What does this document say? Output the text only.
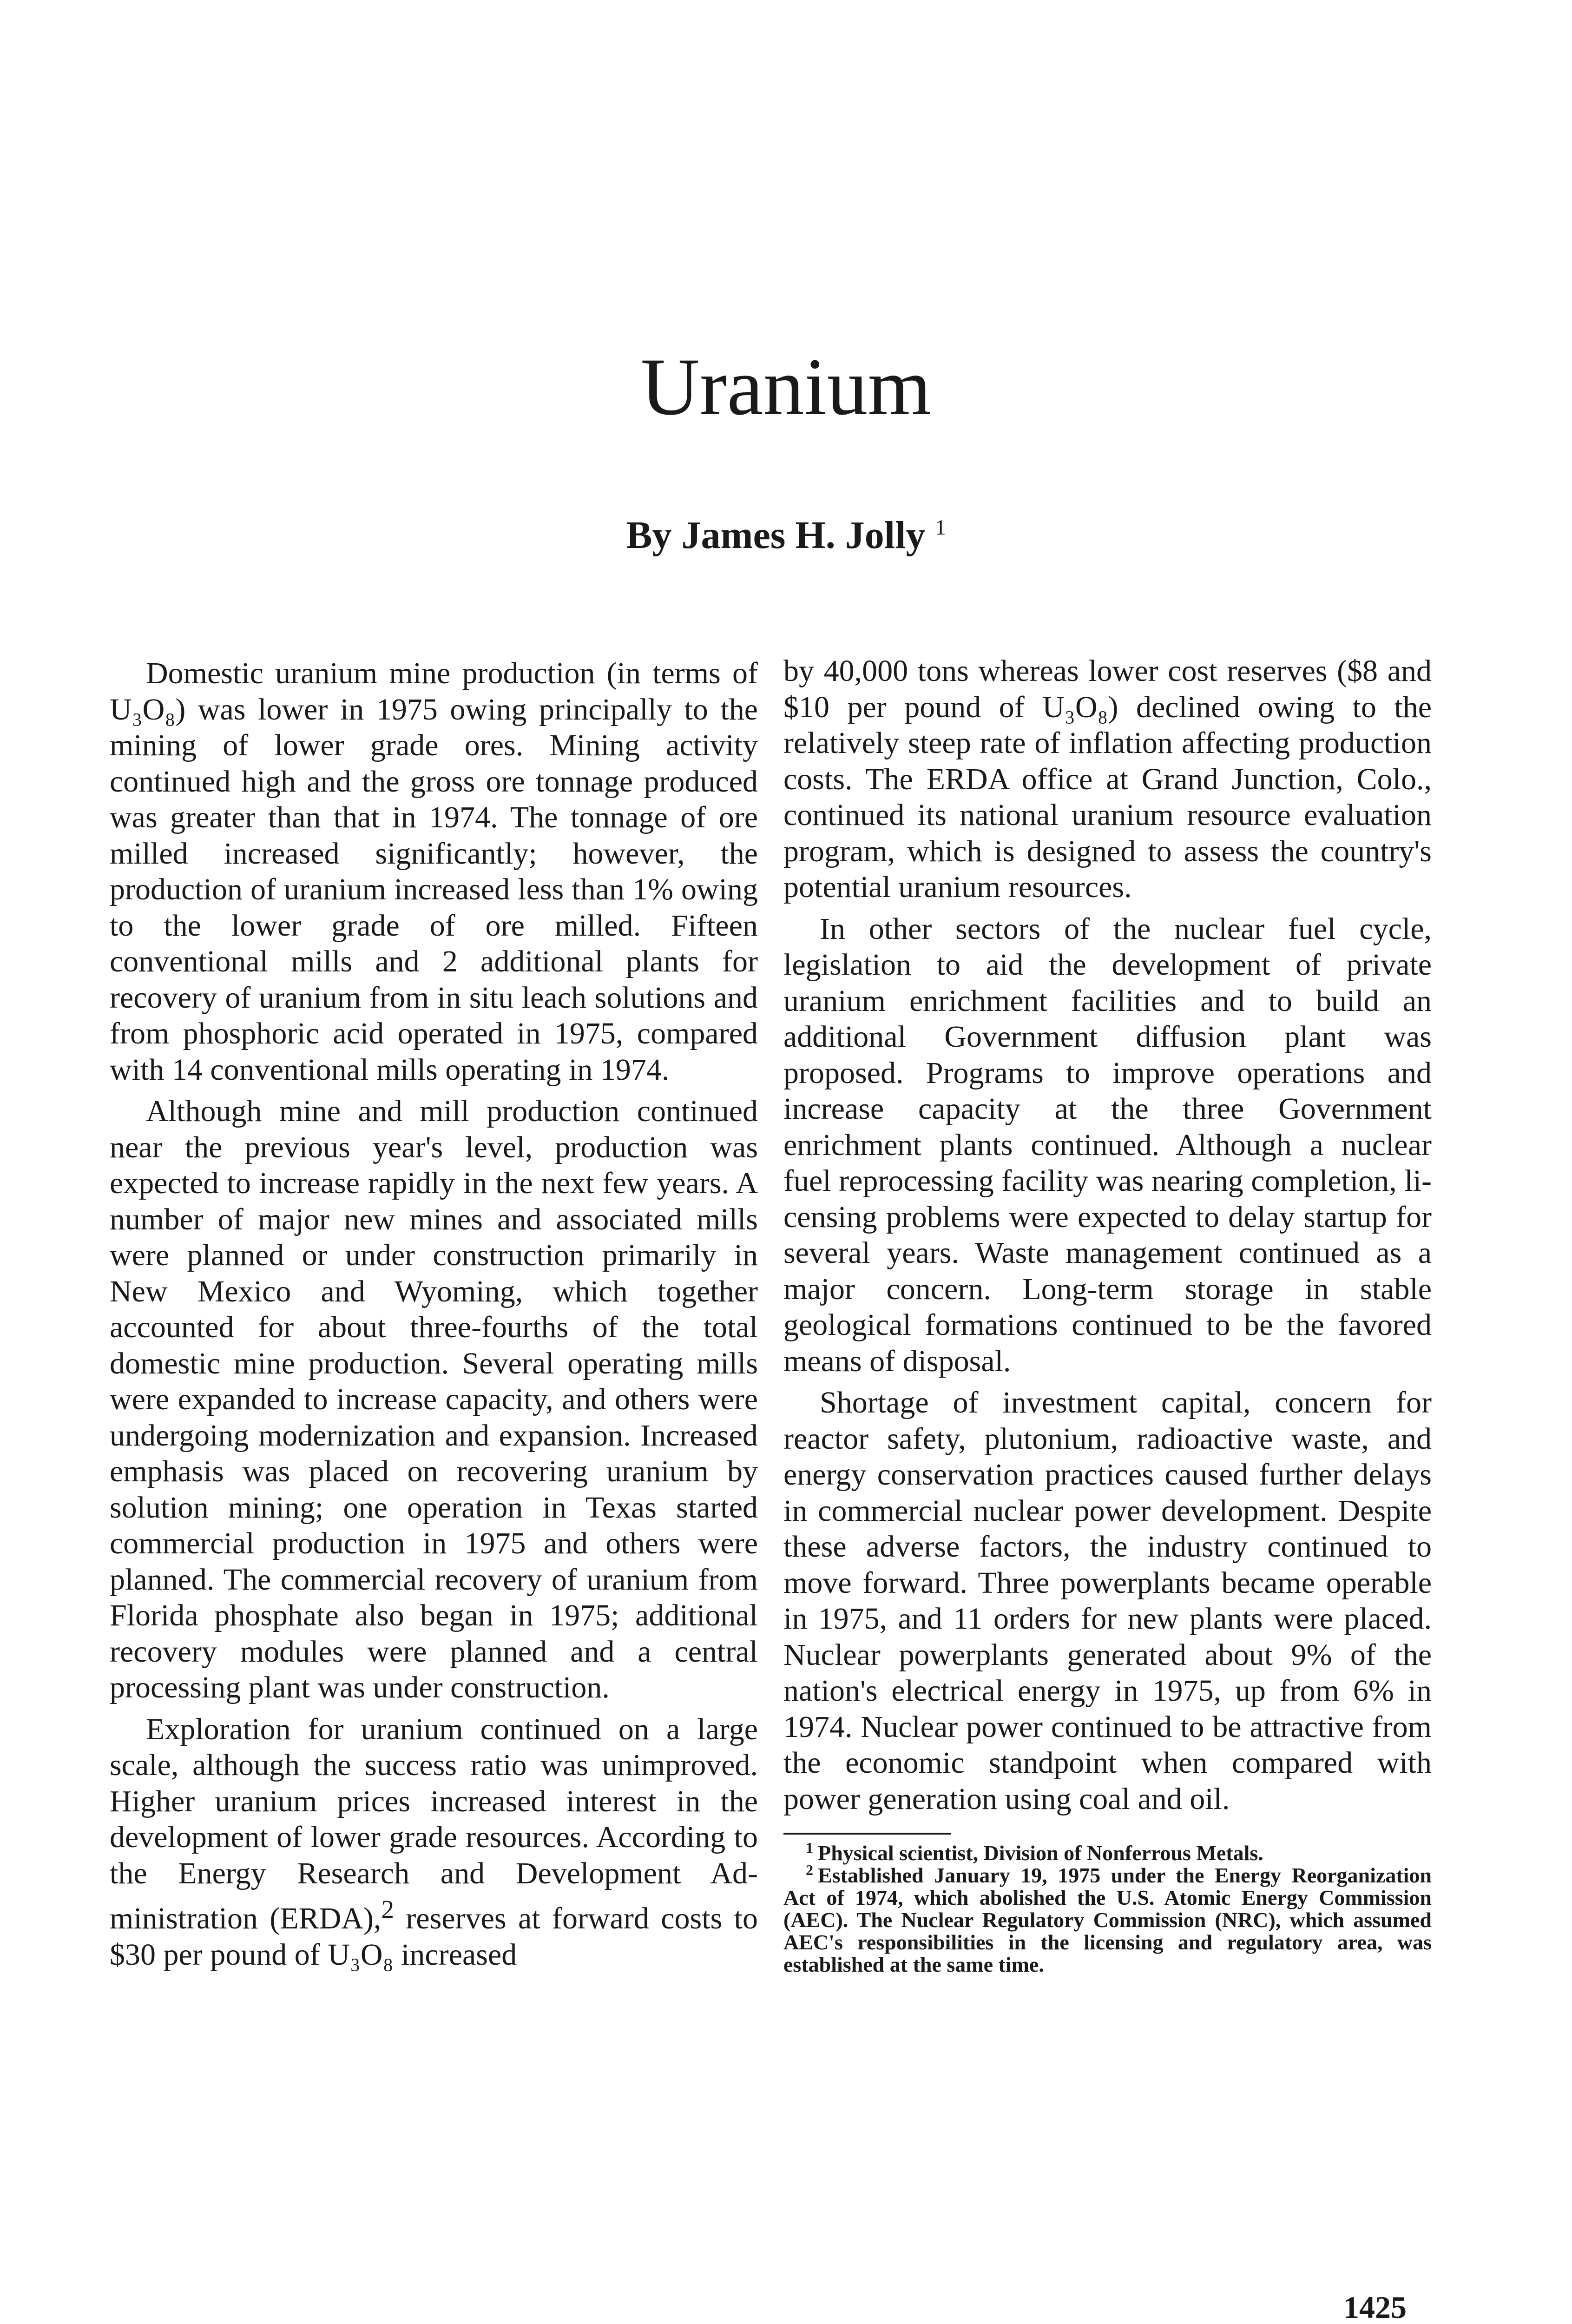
Uranium
By James H. Jolly $^1$

Domestic uranium mine production (in terms of U₃O₈) was lower in 1975 owing principally to the mining of lower grade ores. Mining activity continued high and the gross ore tonnage produced was greater than that in 1974. The tonnage of ore milled increased significantly; however, the production of uranium increased less than 1% owing to the lower grade of ore milled. Fifteen conventional mills and 2 additional plants for recovery of uranium from in situ leach solutions and from phosphoric acid operated in 1975, compared with 14 conventional mills operating in 1974.

Although mine and mill production continued near the previous year's level, production was expected to increase rapidly in the next few years. A number of major new mines and associated mills were planned or under construction primarily in New Mexico and Wyoming, which together accounted for about three-fourths of the total domestic mine production. Several operating mills were expanded to increase capacity, and others were undergoing modernization and expansion. Increased emphasis was placed on recovering uranium by solution mining; one operation in Texas started commercial production in 1975 and others were planned. The commercial recovery of uranium from Florida phosphate also began in 1975; additional recovery modules were planned and a central processing plant was under construction.

Exploration for uranium continued on a large scale, although the success ratio was unimproved. Higher uranium prices increased interest in the development of lower grade resources. According to the Energy Research and Development Administration (ERDA),$^2$ reserves at forward costs to $30 per pound of U₃O₈ increased

by 40,000 tons whereas lower cost reserves ($8 and $10 per pound of U₃O₈) declined owing to the relatively steep rate of inflation affecting production costs. The ERDA office at Grand Junction, Colo., continued its national uranium resource evaluation program, which is designed to assess the country's potential uranium resources.

In other sectors of the nuclear fuel cycle, legislation to aid the development of private uranium enrichment facilities and to build an additional Government diffusion plant was proposed. Programs to improve operations and increase capacity at the three Government enrichment plants continued. Although a nuclear fuel reprocessing facility was nearing completion, licensing problems were expected to delay startup for several years. Waste management continued as a major concern. Long-term storage in stable geological formations continued to be the favored means of disposal.

Shortage of investment capital, concern for reactor safety, plutonium, radioactive waste, and energy conservation practices caused further delays in commercial nuclear power development. Despite these adverse factors, the industry continued to move forward. Three powerplants became operable in 1975, and 11 orders for new plants were placed. Nuclear powerplants generated about 9% of the nation's electrical energy in 1975, up from 6% in 1974. Nuclear power continued to be attractive from the economic standpoint when compared with power generation using coal and oil.

$^1$ Physical scientist, Division of Nonferrous Metals.

$^2$ Established January 19, 1975 under the Energy Reorganization Act of 1974, which abolished the U.S. Atomic Energy Commission (AEC). The Nuclear Regulatory Commission (NRC), which assumed AEC's responsibilities in the licensing and regulatory area, was established at the same time.

1425
